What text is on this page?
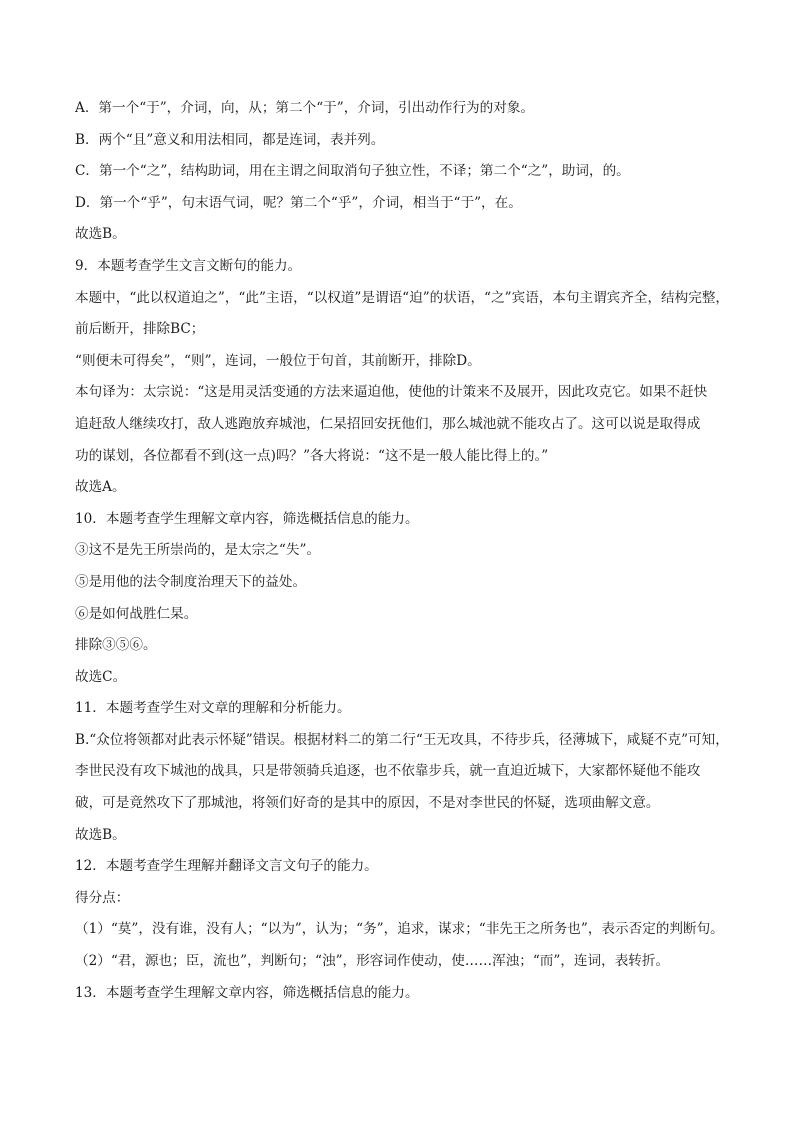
A．第一个“于”，介词，向，从；第二个“于”，介词，引出动作行为的对象。

B．两个“且”意义和用法相同，都是连词，表并列。

C．第一个“之”，结构助词，用在主谓之间取消句子独立性，不译；第二个“之”，助词，的。

D．第一个“乎”，句末语气词，呢？第二个“乎”，介词，相当于“于”，在。

故选B。

9．本题考查学生文言文断句的能力。

本题中，“此以权道迫之”，“此”主语，“以权道”是谓语“迫”的状语，“之”宾语，本句主谓宾齐全，结构完整，

前后断开，排除BC；

“则便未可得矣”，“则”，连词，一般位于句首，其前断开，排除D。

本句译为：太宗说：“这是用灵活变通的方法来逼迫他，使他的计策来不及展开，因此攻克它。如果不赶快

追赶敌人继续攻打，敌人逃跑放弃城池，仁杲招回安抚他们，那么城池就不能攻占了。这可以说是取得成

功的谋划，各位都看不到(这一点)吗？”各大将说：“这不是一般人能比得上的。”

故选A。

10．本题考查学生理解文章内容，筛选概括信息的能力。

③这不是先王所崇尚的，是太宗之“失”。

⑤是用他的法令制度治理天下的益处。

⑥是如何战胜仁杲。

排除③⑤⑥。

故选C。

11．本题考查学生对文章的理解和分析能力。

B.“众位将领都对此表示怀疑”错误。根据材料二的第二行“王无攻具，不待步兵，径薄城下，咸疑不克”可知，

李世民没有攻下城池的战具，只是带领骑兵追逐，也不依靠步兵，就一直迫近城下，大家都怀疑他不能攻

破，可是竟然攻下了那城池，将领们好奇的是其中的原因，不是对李世民的怀疑，选项曲解文意。

故选B。

12．本题考查学生理解并翻译文言文句子的能力。

得分点：

（1）“莫”，没有谁，没有人；“以为”，认为；“务”，追求，谋求；“非先王之所务也”，表示否定的判断句。

（2）“君，源也；臣，流也”，判断句；“浊”，形容词作使动，使……浑浊；“而”，连词，表转折。

13．本题考查学生理解文章内容，筛选概括信息的能力。
